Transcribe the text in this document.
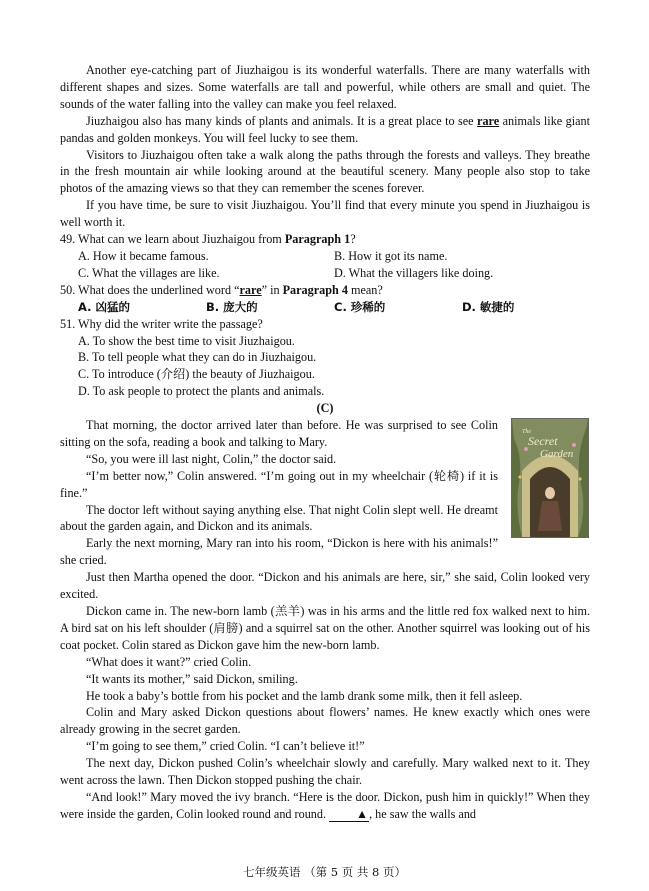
Another eye-catching part of Jiuzhaigou is its wonderful waterfalls. There are many waterfalls with different shapes and sizes. Some waterfalls are tall and powerful, while others are small and quiet. The sounds of the water falling into the valley can make you feel relaxed.

Jiuzhaigou also has many kinds of plants and animals. It is a great place to see rare animals like giant pandas and golden monkeys. You will feel lucky to see them.

Visitors to Jiuzhaigou often take a walk along the paths through the forests and valleys. They breathe in the fresh mountain air while looking around at the beautiful scenery. Many people also stop to take photos of the amazing views so that they can remember the scenes forever.

If you have time, be sure to visit Jiuzhaigou. You’ll find that every minute you spend in Jiuzhaigou is well worth it.

49. What can we learn about Jiuzhaigou from Paragraph 1?

A. How it became famous.	B. How it got its name.
C. What the villages are like.	D. What the villagers like doing.

50. What does the underlined word “rare” in Paragraph 4 mean?

A. 凶猛的	B. 庞大的	C. 珍稀的	D. 敏捷的

51. Why did the writer write the passage?

A. To show the best time to visit Jiuzhaigou.

B. To tell people what they can do in Jiuzhaigou.

C. To introduce (介绍) the beauty of Jiuzhaigou.

D. To ask people to protect the plants and animals.

(C)

The
Secret
Garden

That morning, the doctor arrived later than before. He was surprised to see Colin sitting on the sofa, reading a book and talking to Mary.

“So, you were ill last night, Colin,” the doctor said.

“I’m better now,” Colin answered. “I’m going out in my wheelchair (轮椅) if it is fine.”

The doctor left without saying anything else. That night Colin slept well. He dreamt about the garden again, and Dickon and its animals.

Early the next morning, Mary ran into his room, “Dickon is here with his animals!” she cried.

Just then Martha opened the door. “Dickon and his animals are here, sir,” she said, Colin looked very excited.

Dickon came in. The new-born lamb (羔羊) was in his arms and the little red fox walked next to him. A bird sat on his left shoulder (肩膀) and a squirrel sat on the other. Another squirrel was looking out of his coat pocket. Colin stared as Dickon gave him the new-born lamb.

“What does it want?” cried Colin.

“It wants its mother,” said Dickon, smiling.

He took a baby’s bottle from his pocket and the lamb drank some milk, then it fell asleep.

Colin and Mary asked Dickon questions about flowers’ names. He knew exactly which ones were already growing in the secret garden.

“I’m going to see them,” cried Colin. “I can’t believe it!”

The next day, Dickon pushed Colin’s wheelchair slowly and carefully. Mary walked next to it. They went across the lawn. Then Dickon stopped pushing the chair.

“And look!” Mary moved the ivy branch. “Here is the door. Dickon, push him in quickly!” When they were inside the garden, Colin looked round and round. ▲, he saw the walls and

七年级英语 （第 5 页 共 8 页）
